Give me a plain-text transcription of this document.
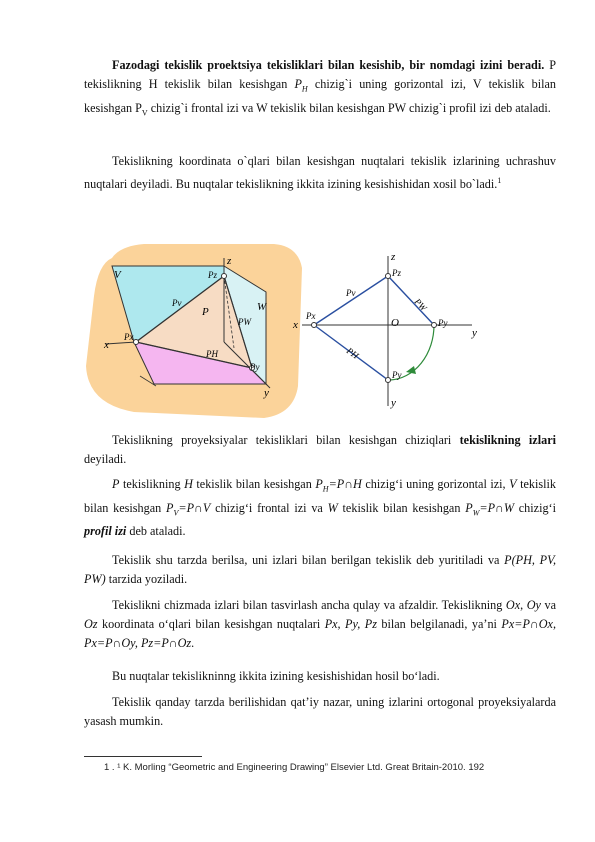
Fazodagi tekislik proektsiya tekisliklari bilan kesishib, bir nomdagi izini beradi. P tekislikning H tekislik bilan kesishgan $P_H$ chizig`i uning gorizontal izi, V tekislik bilan kesishgan $P_V$ chizig`i frontal izi va W tekislik bilan kesishgan PW chizig`i profil izi deb ataladi.

Tekislikning koordinata o`qlari bilan kesishgan nuqtalari tekislik izlarining uchrashuv nuqtalari deyiladi. Bu nuqtalar tekislikning ikkita izining kesishishidan xosil bo`ladi.$^1$

z
V
W
x
y
P
Pz
Px
Py
Pv
PH
PW
z
x
y
y
O
Pz
Px
Py
Py
Pv
PW
PH

Tekislikning proyeksiyalar tekisliklari bilan kesishgan chiziqlari tekislikning izlari deyiladi.

P tekislikning H tekislik bilan kesishgan $P_H=P\cap H$ chizig‘i uning gorizontal izi, V tekislik bilan kesishgan $P_V=P\cap V$ chizig‘i frontal izi va W tekislik bilan kesishgan $P_W=P\cap W$ chizig‘i profil izi deb ataladi.

Tekislik shu tarzda berilsa, uni izlari bilan berilgan tekislik deb yuritiladi va P(PH, PV, PW) tarzida yoziladi.

Tekislikni chizmada izlari bilan tasvirlash ancha qulay va afzaldir. Tekislikning Ox, Oy va Oz koordinata o‘qlari bilan kesishgan nuqtalari Px, Py, Pz bilan belgilanadi, ya’ni Px=P∩Ox, Px=P∩Oy, Pz=P∩Oz.

Bu nuqtalar tekislikninng ikkita izining kesishishidan hosil bo‘ladi.

Tekislik qanday tarzda berilishidan qat’iy nazar, uning izlarini ortogonal proyeksiyalarda yasash mumkin.

1 . ¹ K. Morling “Geometric and Engineering Drawing” Elsevier Ltd. Great Britain-2010. 192
